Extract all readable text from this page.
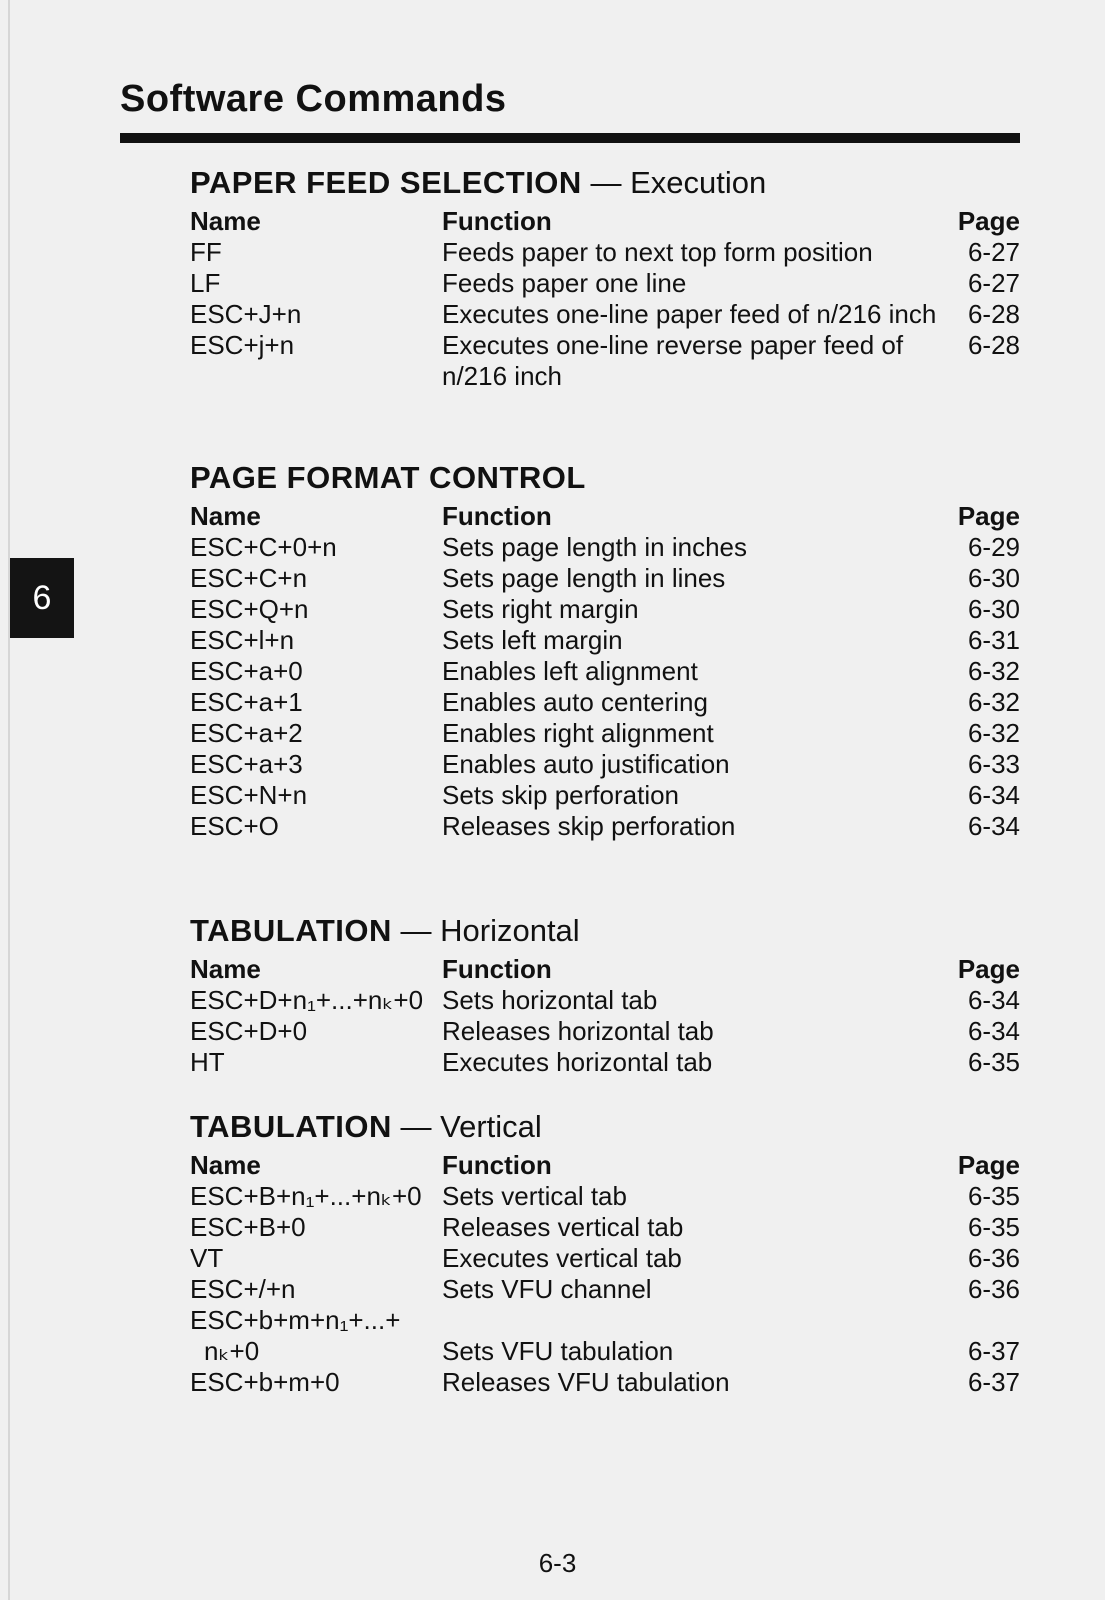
Software Commands
6
PAPER FEED SELECTION — Execution
Name	Function	Page
FF	Feeds paper to next top form position	6-27
LF	Feeds paper one line	6-27
ESC+J+n	Executes one-line paper feed of n/216 inch	6-28
ESC+j+n	Executes one-line reverse paper feed of	6-28
n/216 inch
PAGE FORMAT CONTROL
Name	Function	Page
ESC+C+0+n	Sets page length in inches	6-29
ESC+C+n	Sets page length in lines	6-30
ESC+Q+n	Sets right margin	6-30
ESC+l+n	Sets left margin	6-31
ESC+a+0	Enables left alignment	6-32
ESC+a+1	Enables auto centering	6-32
ESC+a+2	Enables right alignment	6-32
ESC+a+3	Enables auto justification	6-33
ESC+N+n	Sets skip perforation	6-34
ESC+O	Releases skip perforation	6-34
TABULATION — Horizontal
Name	Function	Page
ESC+D+n₁+...+nₖ+0 Sets horizontal tab	6-34
ESC+D+0	Releases horizontal tab	6-34
HT	Executes horizontal tab	6-35
TABULATION — Vertical
Name	Function	Page
ESC+B+n₁+...+nₖ+0 Sets vertical tab	6-35
ESC+B+0	Releases vertical tab	6-35
VT	Executes vertical tab	6-36
ESC+/+n	Sets VFU channel	6-36
ESC+b+m+n₁+...+
nₖ+0	Sets VFU tabulation	6-37
ESC+b+m+0	Releases VFU tabulation	6-37
6-3
